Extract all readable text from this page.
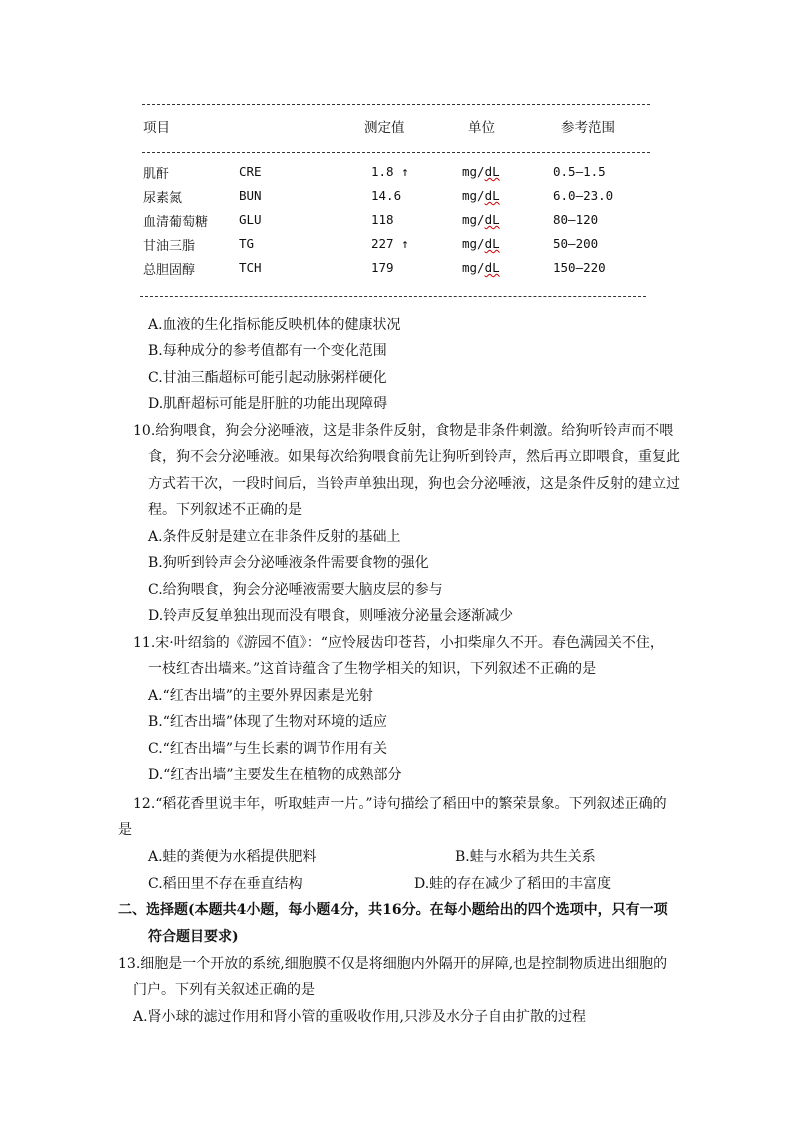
项目	测定值	单位	参考范围
肌酐	CRE	1.8 ↑	mg/dL	0.5—1.5
尿素氮	BUN	14.6	mg/dL	6.0—23.0
血清葡萄糖 GLU	118	mg/dL	80—120
甘油三脂	TG	227 ↑	mg/dL	50—200
总胆固醇	TCH	179	mg/dL	150—220
A.血液的生化指标能反映机体的健康状况
B.每种成分的参考值都有一个变化范围
C.甘油三酯超标可能引起动脉粥样硬化
D.肌酐超标可能是肝脏的功能出现障碍
10.给狗喂食，狗会分泌唾液，这是非条件反射，食物是非条件刺激。给狗听铃声而不喂
食，狗不会分泌唾液。如果每次给狗喂食前先让狗听到铃声，然后再立即喂食，重复此
方式若干次，一段时间后，当铃声单独出现，狗也会分泌唾液，这是条件反射的建立过
程。下列叙述不正确的是
A.条件反射是建立在非条件反射的基础上
B.狗听到铃声会分泌唾液条件需要食物的强化
C.给狗喂食，狗会分泌唾液需要大脑皮层的参与
D.铃声反复单独出现而没有喂食，则唾液分泌量会逐渐减少
11.宋·叶绍翁的《游园不值》：“应怜屐齿印苍苔，小扣柴扉久不开。春色满园关不住，
一枝红杏出墙来。”这首诗蕴含了生物学相关的知识，下列叙述不正确的是
A.“红杏出墙”的主要外界因素是光射
B.“红杏出墙”体现了生物对环境的适应
C.“红杏出墙”与生长素的调节作用有关
D.“红杏出墙”主要发生在植物的成熟部分
12.“稻花香里说丰年，听取蛙声一片。”诗句描绘了稻田中的繁荣景象。下列叙述正确的
是
A.蛙的粪便为水稻提供肥料	B.蛙与水稻为共生关系
C.稻田里不存在垂直结构	D.蛙的存在减少了稻田的丰富度
二、选择题(本题共4小题，每小题4分，共16分。在每小题给出的四个选项中，只有一项
符合题目要求)
13.细胞是一个开放的系统,细胞膜不仅是将细胞内外隔开的屏障,也是控制物质进出细胞的
门户。下列有关叙述正确的是
A.肾小球的滤过作用和肾小管的重吸收作用,只涉及水分子自由扩散的过程
